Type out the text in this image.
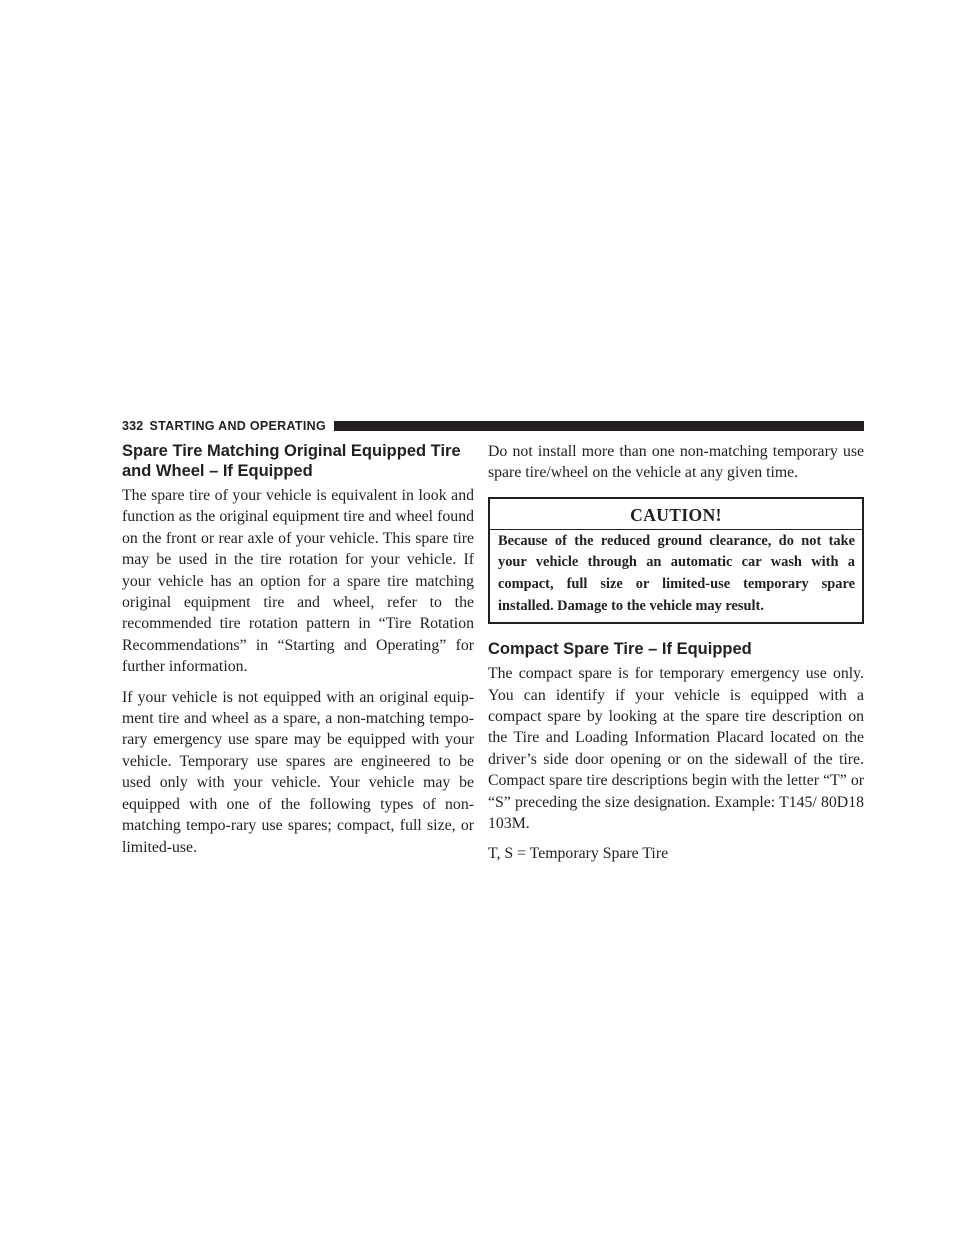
332 STARTING AND OPERATING
Spare Tire Matching Original Equipped Tire and Wheel – If Equipped

The spare tire of your vehicle is equivalent in look and function as the original equipment tire and wheel found on the front or rear axle of your vehicle. This spare tire may be used in the tire rotation for your vehicle. If your vehicle has an option for a spare tire matching original equipment tire and wheel, refer to the recommended tire rotation pattern in “Tire Rotation Recommendations” in “Starting and Operating” for further information.

If your vehicle is not equipped with an original equip-ment tire and wheel as a spare, a non-matching tempo-rary emergency use spare may be equipped with your vehicle. Temporary use spares are engineered to be used only with your vehicle. Your vehicle may be equipped with one of the following types of non-matching tempo-rary use spares; compact, full size, or limited-use.

Do not install more than one non-matching temporary use spare tire/wheel on the vehicle at any given time.

CAUTION!
Because of the reduced ground clearance, do not take your vehicle through an automatic car wash with a compact, full size or limited-use temporary spare installed. Damage to the vehicle may result.
Compact Spare Tire – If Equipped

The compact spare is for temporary emergency use only. You can identify if your vehicle is equipped with a compact spare by looking at the spare tire description on the Tire and Loading Information Placard located on the driver’s side door opening or on the sidewall of the tire. Compact spare tire descriptions begin with the letter “T” or “S” preceding the size designation. Example: T145/ 80D18 103M.

T, S = Temporary Spare Tire
